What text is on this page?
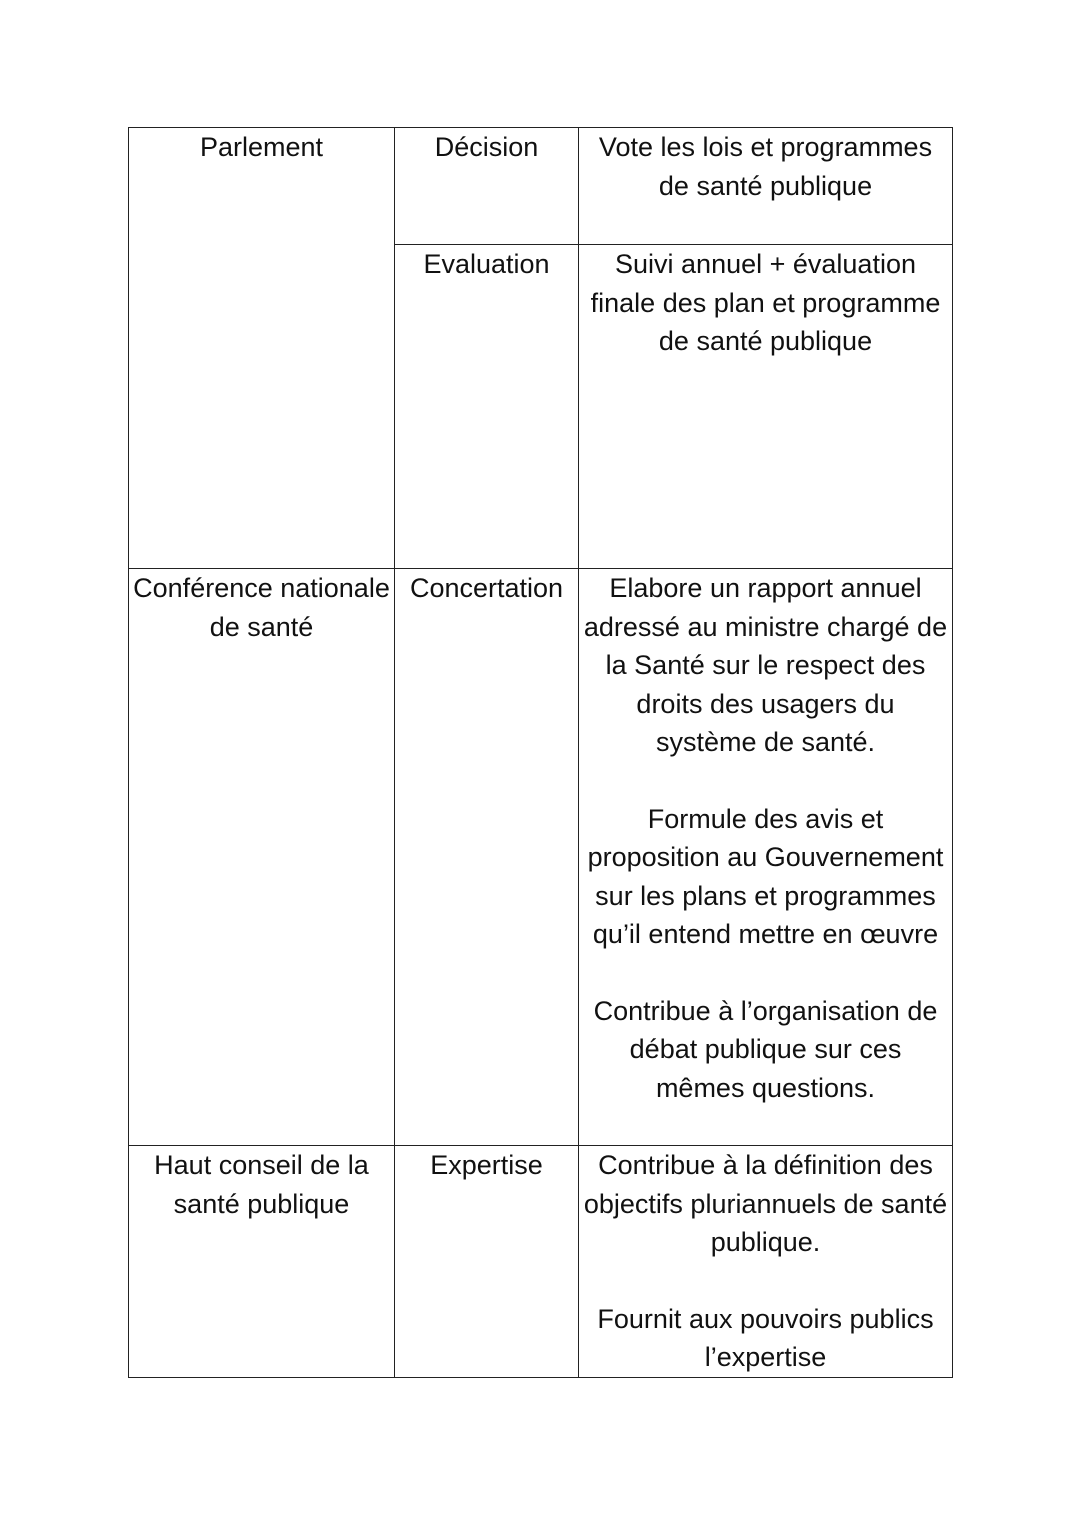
Parlement	Décision	Vote les lois et programmes de santé publique

	Evaluation	Suivi annuel + évaluation finale des plan et programme de santé publique

Conférence nationale de santé	Concertation	Elabore un rapport annuel adressé au ministre chargé de la Santé sur le respect des droits des usagers du système de santé.
Formule des avis et proposition au Gouvernement sur les plans et programmes qu’il entend mettre en œuvre
Contribue à l’organisation de débat publique sur ces mêmes questions.

Haut conseil de la santé publique	Expertise	Contribue à la définition des objectifs pluriannuels de santé publique.
Fournit aux pouvoirs publics l’expertise
